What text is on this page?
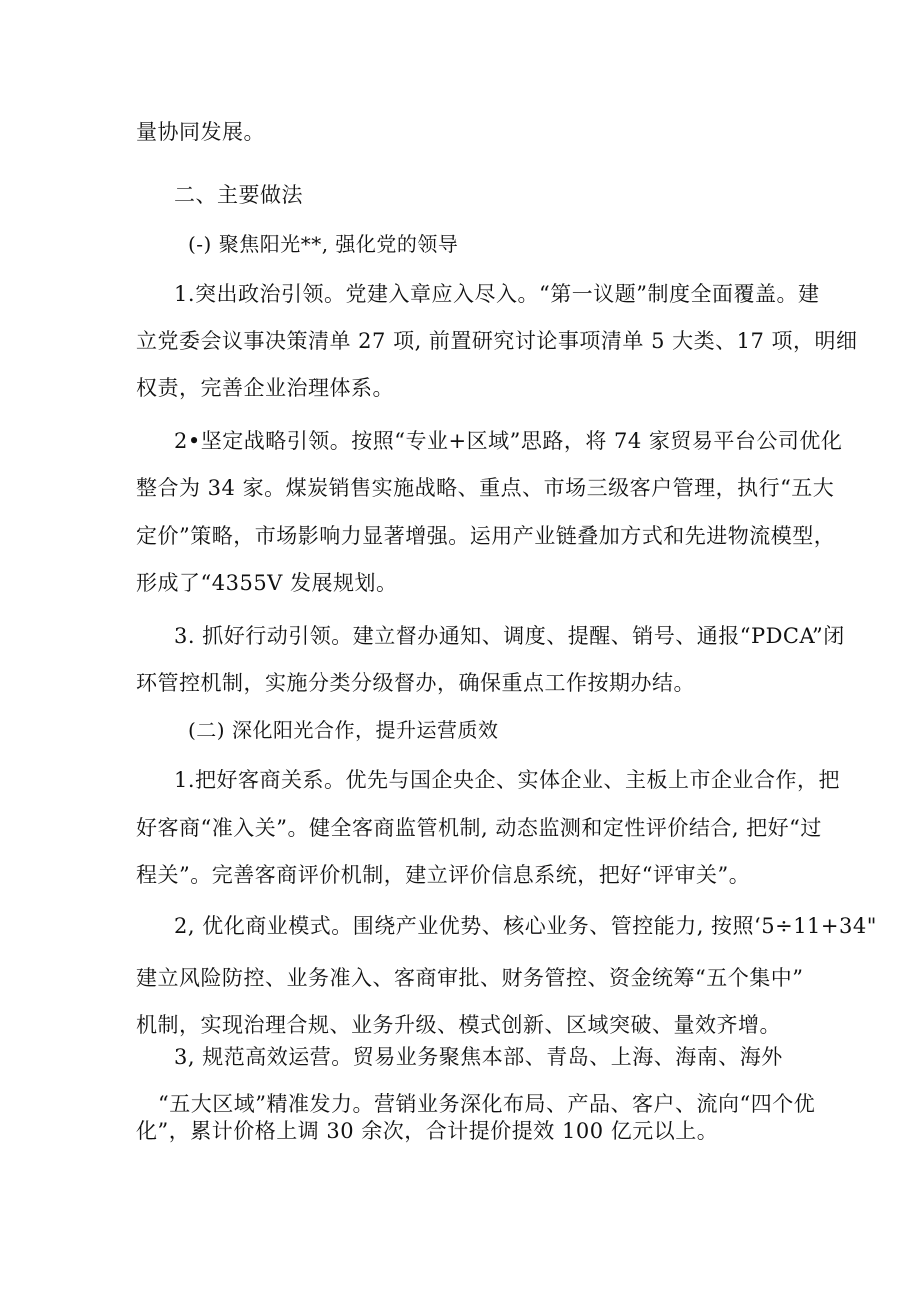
量协同发展。
二、主要做法
(-) 聚焦阳光**, 强化党的领导
1.突出政治引领。党建入章应入尽入。“第一议题”制度全面覆盖。建
立党委会议事决策清单 27 项, 前置研究讨论事项清单 5 大类、17 项，明细
权责，完善企业治理体系。
2•坚定战略引领。按照“专业+区域”思路，将 74 家贸易平台公司优化
整合为 34 家。煤炭销售实施战略、重点、市场三级客户管理，执行“五大
定价”策略，市场影响力显著增强。运用产业链叠加方式和先进物流模型，
形成了“4355V 发展规划。
3. 抓好行动引领。建立督办通知、调度、提醒、销号、通报“PDCA”闭
环管控机制，实施分类分级督办，确保重点工作按期办结。
(二) 深化阳光合作，提升运营质效
1.把好客商关系。优先与国企央企、实体企业、主板上市企业合作，把
好客商“准入关”。健全客商监管机制, 动态监测和定性评价结合, 把好“过
程关”。完善客商评价机制，建立评价信息系统，把好“评审关”。
2, 优化商业模式。围绕产业优势、核心业务、管控能力, 按照‘5÷11+34"
建立风险防控、业务准入、客商审批、财务管控、资金统筹“五个集中”
机制，实现治理合规、业务升级、模式创新、区域突破、量效齐增。
3, 规范高效运营。贸易业务聚焦本部、青岛、上海、海南、海外
“五大区域”精准发力。营销业务深化布局、产品、客户、流向“四个优
化”，累计价格上调 30 余次，合计提价提效 100 亿元以上。
